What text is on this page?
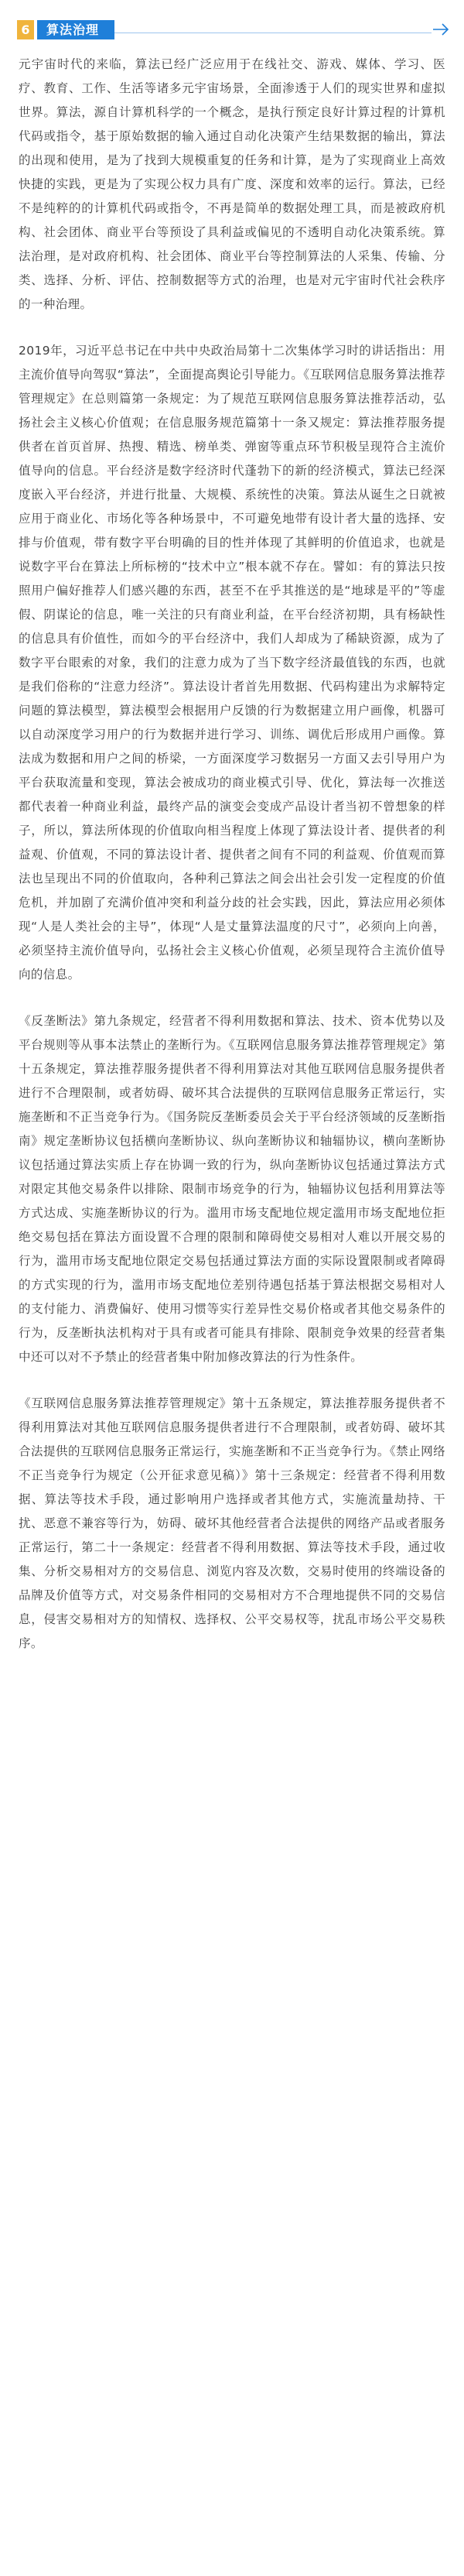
6	算法治理

元宇宙时代的来临，算法已经广泛应用于在线社交、游戏、媒体、学习、医疗、教育、工作、生活等诸多元宇宙场景，全面渗透于人们的现实世界和虚拟世界。算法，源自计算机科学的一个概念，是执行预定良好计算过程的计算机代码或指令，基于原始数据的输入通过自动化决策产生结果数据的输出，算法的出现和使用，是为了找到大规模重复的任务和计算，是为了实现商业上高效快捷的实践，更是为了实现公权力具有广度、深度和效率的运行。算法，已经不是纯粹的的计算机代码或指令，不再是简单的数据处理工具，而是被政府机构、社会团体、商业平台等预设了具利益或偏见的不透明自动化决策系统。算法治理，是对政府机构、社会团体、商业平台等控制算法的人采集、传输、分类、选择、分析、评估、控制数据等方式的治理，也是对元宇宙时代社会秩序的一种治理。

2019年，习近平总书记在中共中央政治局第十二次集体学习时的讲话指出：用主流价值导向驾驭“算法”，全面提高舆论引导能力。《互联网信息服务算法推荐管理规定》在总则篇第一条规定：为了规范互联网信息服务算法推荐活动，弘扬社会主义核心价值观；在信息服务规范篇第十一条又规定：算法推荐服务提供者在首页首屏、热搜、精选、榜单类、弹窗等重点环节积极呈现符合主流价值导向的信息。平台经济是数字经济时代蓬勃下的新的经济模式，算法已经深度嵌入平台经济，并进行批量、大规模、系统性的决策。算法从诞生之日就被应用于商业化、市场化等各种场景中，不可避免地带有设计者大量的选择、安排与价值观，带有数字平台明确的目的性并体现了其鲜明的价值追求，也就是说数字平台在算法上所标榜的“技术中立”根本就不存在。譬如：有的算法只按照用户偏好推荐人们感兴趣的东西，甚至不在乎其推送的是“地球是平的”等虚假、阴谋论的信息，唯一关注的只有商业利益，在平台经济初期，具有杨缺性的信息具有价值性，而如今的平台经济中，我们人却成为了稀缺资源，成为了数字平台眼索的对象，我们的注意力成为了当下数字经济最值钱的东西，也就是我们俗称的“注意力经济”。算法设计者首先用数据、代码构建出为求解特定问题的算法模型，算法模型会根据用户反馈的行为数据建立用户画像，机器可以自动深度学习用户的行为数据并进行学习、训练、调优后形成用户画像。算法成为数据和用户之间的桥梁，一方面深度学习数据另一方面又去引导用户为平台获取流量和变现，算法会被成功的商业模式引导、优化，算法每一次推送都代表着一种商业利益，最终产品的演变会变成产品设计者当初不曾想象的样子，所以，算法所体现的价值取向相当程度上体现了算法设计者、提供者的利益观、价值观，不同的算法设计者、提供者之间有不同的利益观、价值观而算法也呈现出不同的价值取向，各种利己算法之间会出社会引发一定程度的价值危机，并加剧了充满价值冲突和利益分歧的社会实践，因此，算法应用必须体现“人是人类社会的主导”，体现“人是丈量算法温度的尺寸”，必须向上向善，必须坚持主流价值导向，弘扬社会主义核心价值观，必须呈现符合主流价值导向的信息。

《反垄断法》第九条规定，经营者不得利用数据和算法、技术、资本优势以及平台规则等从事本法禁止的垄断行为。《互联网信息服务算法推荐管理规定》第十五条规定，算法推荐服务提供者不得利用算法对其他互联网信息服务提供者进行不合理限制，或者妨碍、破坏其合法提供的互联网信息服务正常运行，实施垄断和不正当竞争行为。《国务院反垄断委员会关于平台经济领域的反垄断指南》规定垄断协议包括横向垄断协议、纵向垄断协议和轴辐协议，横向垄断协议包括通过算法实质上存在协调一致的行为，纵向垄断协议包括通过算法方式对限定其他交易条件以排除、限制市场竞争的行为，轴辐协议包括利用算法等方式达成、实施垄断协议的行为。滥用市场支配地位规定滥用市场支配地位拒绝交易包括在算法方面设置不合理的限制和障碍使交易相对人难以开展交易的行为，滥用市场支配地位限定交易包括通过算法方面的实际设置限制或者障碍的方式实现的行为，滥用市场支配地位差别待遇包括基于算法根据交易相对人的支付能力、消费偏好、使用习惯等实行差异性交易价格或者其他交易条件的行为，反垄断执法机构对于具有或者可能具有排除、限制竞争效果的经营者集中还可以对不予禁止的经营者集中附加修改算法的行为性条件。

《互联网信息服务算法推荐管理规定》第十五条规定，算法推荐服务提供者不得利用算法对其他互联网信息服务提供者进行不合理限制，或者妨碍、破坏其合法提供的互联网信息服务正常运行，实施垄断和不正当竞争行为。《禁止网络不正当竞争行为规定（公开征求意见稿）》第十三条规定：经营者不得利用数据、算法等技术手段，通过影响用户选择或者其他方式，实施流量劫持、干扰、恶意不兼容等行为，妨碍、破坏其他经营者合法提供的网络产品或者服务正常运行，第二十一条规定：经营者不得利用数据、算法等技术手段，通过收集、分析交易相对方的交易信息、浏览内容及次数，交易时使用的终端设备的品牌及价值等方式，对交易条件相同的交易相对方不合理地提供不同的交易信息，侵害交易相对方的知情权、选择权、公平交易权等，扰乱市场公平交易秩序。
